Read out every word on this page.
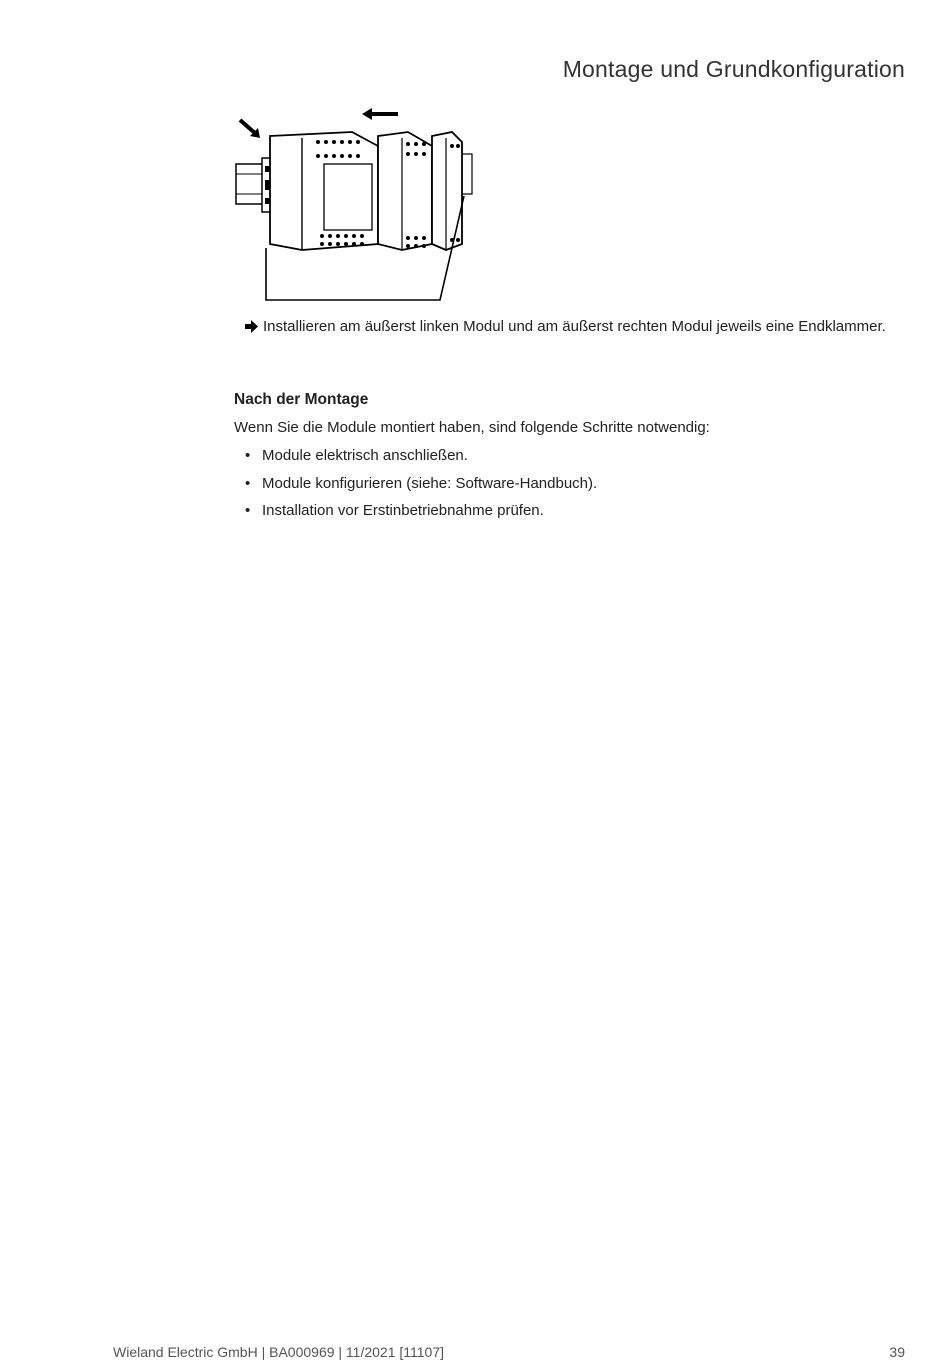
Montage und Grundkonfiguration
Installieren am äußerst linken Modul und am äußerst rechten Modul jeweils eine Endklammer.
Nach der Montage
Wenn Sie die Module montiert haben, sind folgende Schritte notwendig:
• Module elektrisch anschließen.
• Module konfigurieren (siehe: Software-Handbuch).
• Installation vor Erstinbetriebnahme prüfen.
Wieland Electric GmbH | BA000969 | 11/2021 [11107]	39
